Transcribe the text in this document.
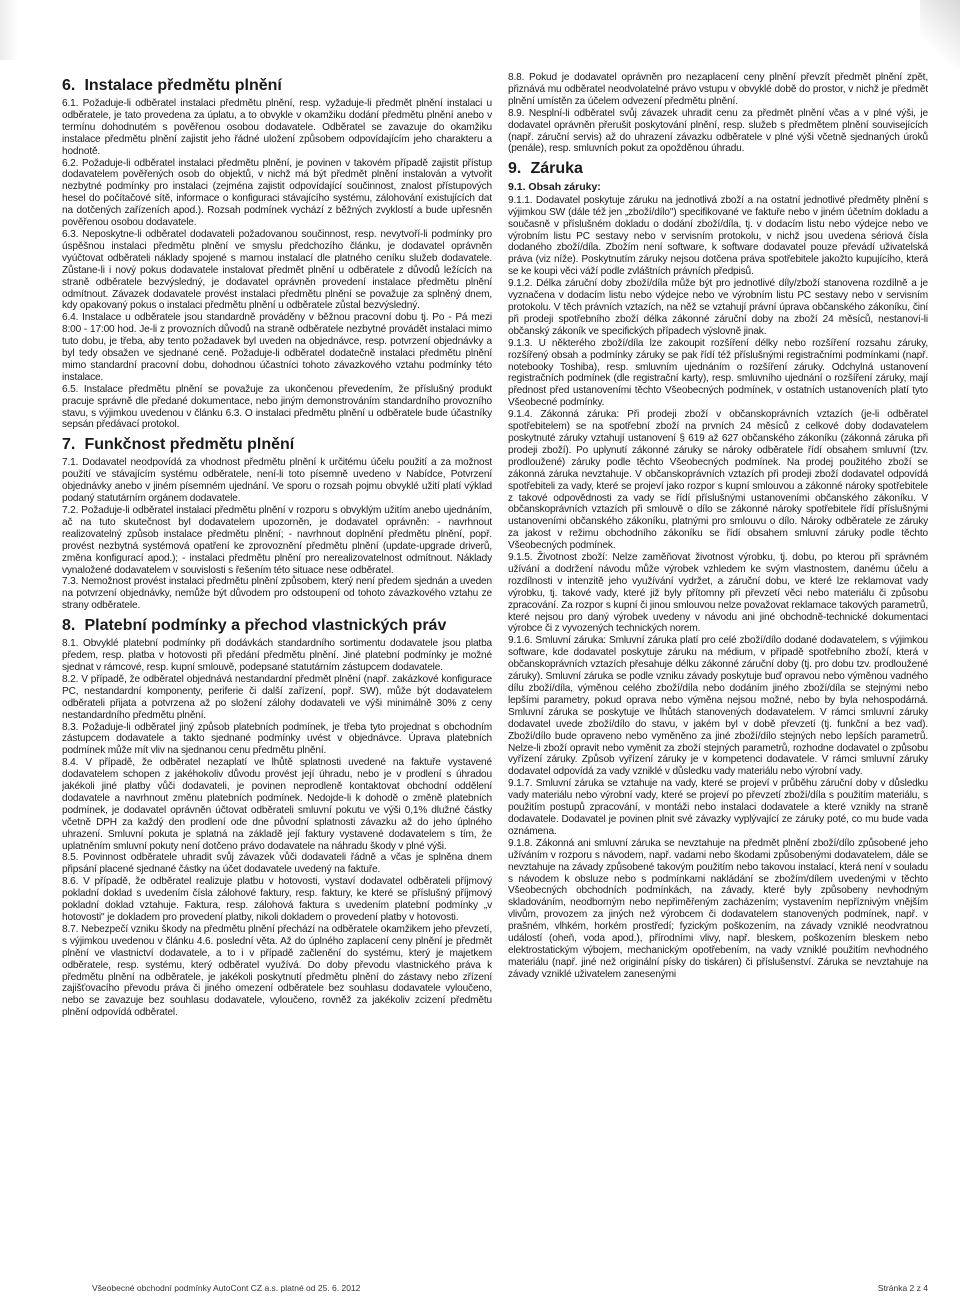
6. Instalace předmětu plnění

6.1. Požaduje-li odběratel instalaci předmětu plnění, resp. vyžaduje-li předmět plnění instalaci u odběratele, je tato provedena za úplatu, a to obvykle v okamžiku dodání předmětu plnění anebo v termínu dohodnutém s pověřenou osobou dodavatele. Odběratel se zavazuje do okamžiku instalace předmětu plnění zajistit jeho řádné uložení způsobem odpovídajícím jeho charakteru a hodnotě.

6.2. Požaduje-li odběratel instalaci předmětu plnění, je povinen v takovém případě zajistit přístup dodavatelem pověřených osob do objektů, v nichž má být předmět plnění instalován a vytvořit nezbytné podmínky pro instalaci (zejména zajistit odpovídající součinnost, znalost přístupových hesel do počítačové sítě, informace o konfiguraci stávajícího systému, zálohování existujících dat na dotčených zařízeních apod.). Rozsah podmínek vychází z běžných zvyklostí a bude upřesněn pověřenou osobou dodavatele.

6.3. Neposkytne-li odběratel dodavateli požadovanou součinnost, resp. nevytvoří-li podmínky pro úspěšnou instalaci předmětu plnění ve smyslu předchozího článku, je dodavatel oprávněn vyúčtovat odběrateli náklady spojené s marnou instalací dle platného ceníku služeb dodavatele. Zůstane-li i nový pokus dodavatele instalovat předmět plnění u odběratele z důvodů ležících na straně odběratele bezvýsledný, je dodavatel oprávněn provedení instalace předmětu plnění odmítnout. Závazek dodavatele provést instalaci předmětu plnění se považuje za splněný dnem, kdy opakovaný pokus o instalaci předmětu plnění u odběratele zůstal bezvýsledný.

6.4. Instalace u odběratele jsou standardně prováděny v běžnou pracovní dobu tj. Po - Pá mezi 8:00 - 17:00 hod. Je-li z provozních důvodů na straně odběratele nezbytné provádět instalaci mimo tuto dobu, je třeba, aby tento požadavek byl uveden na objednávce, resp. potvrzení objednávky a byl tedy obsažen ve sjednané ceně. Požaduje-li odběratel dodatečně instalaci předmětu plnění mimo standardní pracovní dobu, dohodnou účastníci tohoto závazkového vztahu podmínky této instalace.

6.5. Instalace předmětu plnění se považuje za ukončenou převedením, že příslušný produkt pracuje správně dle předané dokumentace, nebo jiným demonstrováním standardního provozního stavu, s výjimkou uvedenou v článku 6.3. O instalaci předmětu plnění u odběratele bude účastníky sepsán předávací protokol.

7. Funkčnost předmětu plnění

7.1. Dodavatel neodpovídá za vhodnost předmětu plnění k určitému účelu použití a za možnost použití ve stávajícím systému odběratele, není-li toto písemně uvedeno v Nabídce, Potvrzení objednávky anebo v jiném písemném ujednání. Ve sporu o rozsah pojmu obvyklé užití platí výklad podaný statutárním orgánem dodavatele.

7.2. Požaduje-li odběratel instalaci předmětu plnění v rozporu s obvyklým užitím anebo ujednáním, ač na tuto skutečnost byl dodavatelem upozorněn, je dodavatel oprávněn: - navrhnout realizovatelný způsob instalace předmětu plnění; - navrhnout doplnění předmětu plnění, popř. provést nezbytná systémová opatření ke zprovoznění předmětu plnění (update-upgrade driverů, změna konfigurací apod.); - instalaci předmětu plnění pro nerealizovatelnost odmítnout. Náklady vynaložené dodavatelem v souvislosti s řešením této situace nese odběratel.

7.3. Nemožnost provést instalaci předmětu plnění způsobem, který není předem sjednán a uveden na potvrzení objednávky, nemůže být důvodem pro odstoupení od tohoto závazkového vztahu ze strany odběratele.

8. Platební podmínky a přechod vlastnických práv

8.1. Obvyklé platební podmínky při dodávkách standardního sortimentu dodavatele jsou platba předem, resp. platba v hotovosti při předání předmětu plnění. Jiné platební podmínky je možné sjednat v rámcové, resp. kupní smlouvě, podepsané statutárním zástupcem dodavatele.

8.2. V případě, že odběratel objednává nestandardní předmět plnění (např. zakázkové konfigurace PC, nestandardní komponenty, periferie či další zařízení, popř. SW), může být dodavatelem odběrateli přijata a potvrzena až po složení zálohy dodavateli ve výši minimálně 30% z ceny nestandardního předmětu plnění.

8.3. Požaduje-li odběratel jiný způsob platebních podmínek, je třeba tyto projednat s obchodním zástupcem dodavatele a takto sjednané podmínky uvést v objednávce. Úprava platebních podmínek může mít vliv na sjednanou cenu předmětu plnění.

8.4. V případě, že odběratel nezaplatí ve lhůtě splatnosti uvedené na faktuře vystavené dodavatelem schopen z jakéhokoliv důvodu provést její úhradu, nebo je v prodlení s úhradou jakékoli jiné platby vůči dodavateli, je povinen neprodleně kontaktovat obchodní oddělení dodavatele a navrhnout změnu platebních podmínek. Nedojde-li k dohodě o změně platebních podmínek, je dodavatel oprávněn účtovat odběrateli smluvní pokutu ve výši 0,1% dlužné částky včetně DPH za každý den prodlení ode dne původní splatnosti závazku až do jeho úplného uhrazení. Smluvní pokuta je splatná na základě její faktury vystavené dodavatelem s tím, že uplatněním smluvní pokuty není dotčeno právo dodavatele na náhradu škody v plné výši.

8.5. Povinnost odběratele uhradit svůj závazek vůči dodavateli řádně a včas je splněna dnem připsání placené sjednané částky na účet dodavatele uvedený na faktuře.

8.6. V případě, že odběratel realizuje platbu v hotovosti, vystaví dodavatel odběrateli příjmový pokladní doklad s uvedením čísla zálohové faktury, resp. faktury, ke které se příslušný příjmový pokladní doklad vztahuje. Faktura, resp. zálohová faktura s uvedením platební podmínky „v hotovosti" je dokladem pro provedení platby, nikoli dokladem o provedení platby v hotovosti.

8.7. Nebezpečí vzniku škody na předmětu plnění přechází na odběratele okamžikem jeho převzetí, s výjimkou uvedenou v článku 4.6. poslední věta. Až do úplného zaplacení ceny plnění je předmět plnění ve vlastnictví dodavatele, a to i v případě začlenění do systému, který je majetkem odběratele, resp. systému, který odběratel využívá. Do doby převodu vlastnického práva k předmětu plnění na odběratele, je jakékoli poskytnutí předmětu plnění do zástavy nebo zřízení zajišťovacího převodu práva či jiného omezení odběratele bez souhlasu dodavatele vyloučeno, nebo se zavazuje bez souhlasu dodavatele, vyloučeno, rovněž za jakékoliv zcizení předmětu plnění odpovídá odběratel.

8.8. Pokud je dodavatel oprávněn pro nezaplacení ceny plnění převzít předmět plnění zpět, přiznává mu odběratel neodvolatelné právo vstupu v obvyklé době do prostor, v nichž je předmět plnění umístěn za účelem odvezení předmětu plnění.

8.9. Nesplní-li odběratel svůj závazek uhradit cenu za předmět plnění včas a v plné výši, je dodavatel oprávněn přerušit poskytování plnění, resp. služeb s předmětem plnění souvisejících (např. záruční servis) až do uhrazení závazku odběratele v plné výši včetně sjednaných úroků (penále), resp. smluvních pokut za opožděnou úhradu.

9. Záruka
9.1. Obsah záruky:

9.1.1. Dodavatel poskytuje záruku na jednotlivá zboží a na ostatní jednotlivé předměty plnění s výjimkou SW (dále též jen „zboží/dílo") specifikované ve faktuře nebo v jiném účetním dokladu a současně v příslušném dokladu o dodání zboží/díla, tj. v dodacím listu nebo výdejce nebo ve výrobním listu PC sestavy nebo v servisním protokolu, v nichž jsou uvedena sériová čísla dodaného zboží/díla. Zbožím není software, k software dodavatel pouze převádí uživatelská práva (viz níže). Poskytnutím záruky nejsou dotčena práva spotřebitele jakožto kupujícího, která se ke koupi věci váží podle zvláštních právních předpisů.

9.1.2. Délka záruční doby zboží/díla může být pro jednotlivé díly/zboží stanovena rozdílně a je vyznačena v dodacím listu nebo výdejce nebo ve výrobním listu PC sestavy nebo v servisním protokolu. V těch právních vztazích, na něž se vztahují právní úprava občanského zákoníku, činí při prodeji spotřebního zboží délka zákonné záruční doby na zboží 24 měsíců, nestanoví-li občanský zákoník ve specifických případech výslovně jinak.

9.1.3. U některého zboží/díla lze zakoupit rozšíření délky nebo rozšíření rozsahu záruky, rozšířený obsah a podmínky záruky se pak řídí též příslušnými registračními podmínkami (např. notebooky Toshiba), resp. smluvním ujednáním o rozšíření záruky. Odchylná ustanovení registračních podmínek (dle registrační karty), resp. smluvního ujednání o rozšíření záruky, mají přednost před ustanoveními těchto Všeobecných podmínek, v ostatních ustanoveních platí tyto Všeobecné podmínky.

9.1.4. Zákonná záruka: Při prodeji zboží v občanskoprávních vztazích (je-li odběratel spotřebitelem) se na spotřební zboží na prvních 24 měsíců z celkové doby dodavatelem poskytnuté záruky vztahují ustanovení § 619 až 627 občanského zákoníku (zákonná záruka při prodeji zboží). Po uplynutí zákonné záruky se nároky odběratele řídí obsahem smluvní (tzv. prodloužené) záruky podle těchto Všeobecných podmínek. Na prodej použitého zboží se zákonná záruka nevztahuje. V občanskoprávních vztazích při prodeji zboží dodavatel odpovídá spotřebiteli za vady, které se projeví jako rozpor s kupní smlouvou a zákonné nároky spotřebitele z takové odpovědnosti za vady se řídí příslušnými ustanoveními občanského zákoníku. V občanskoprávních vztazích při smlouvě o dílo se zákonné nároky spotřebitele řídí příslušnými ustanoveními občanského zákoníku, platnými pro smlouvu o dílo. Nároky odběratele ze záruky za jakost v režimu obchodního zákoníku se řídí obsahem smluvní záruky podle těchto Všeobecných podmínek.

9.1.5. Životnost zboží: Nelze zaměňovat životnost výrobku, tj. dobu, po kterou při správném užívání a dodržení návodu může výrobek vzhledem ke svým vlastnostem, danému účelu a rozdílnosti v intenzitě jeho využívání vydržet, a záruční dobu, ve které lze reklamovat vady výrobku, tj. takové vady, které již byly přítomny při převzetí věci nebo materiálu či způsobu zpracování. Za rozpor s kupní či jinou smlouvou nelze považovat reklamace takových parametrů, které nejsou pro daný výrobek uvedeny v návodu ani jiné obchodně-technické dokumentaci výrobce či z vyvozených technických norem.

9.1.6. Smluvní záruka: Smluvní záruka platí pro celé zboží/dílo dodané dodavatelem, s výjimkou software, kde dodavatel poskytuje záruku na médium, v případě spotřebního zboží, která v občanskoprávních vztazích přesahuje délku zákonné záruční doby (tj. pro dobu tzv. prodloužené záruky). Smluvní záruka se podle vzniku závady poskytuje buď opravou nebo výměnou vadného dílu zboží/díla, výměnou celého zboží/díla nebo dodáním jiného zboží/díla se stejnými nebo lepšími parametry, pokud oprava nebo výměna nejsou možné, nebo by byla nehospodárná. Smluvní záruka se poskytuje ve lhůtách stanovených dodavatelem. V rámci smluvní záruky dodavatel uvede zboží/dílo do stavu, v jakém byl v době převzetí (tj. funkční a bez vad). Zboží/dílo bude opraveno nebo vyměněno za jiné zboží/dílo stejných nebo lepších parametrů. Nelze-li zboží opravit nebo vyměnit za zboží stejných parametrů, rozhodne dodavatel o způsobu vyřízení záruky. Způsob vyřízení záruky je v kompetenci dodavatele. V rámci smluvní záruky dodavatel odpovídá za vady vzniklé v důsledku vady materiálu nebo výrobní vady.

9.1.7. Smluvní záruka se vztahuje na vady, které se projeví v průběhu záruční doby v důsledku vady materiálu nebo výrobní vady, které se projeví po převzetí zboží/díla s použitím materiálu, s použitím postupů zpracování, v montáži nebo instalaci dodavatele a které vznikly na straně dodavatele. Dodavatel je povinen plnit své závazky vyplývající ze záruky poté, co mu bude vada oznámena.

9.1.8. Zákonná ani smluvní záruka se nevztahuje na předmět plnění zboží/dílo způsobené jeho užíváním v rozporu s návodem, např. vadami nebo škodami způsobenými dodavatelem, dále se nevztahuje na závady způsobené takovým použitím nebo takovou instalací, která není v souladu s návodem k obsluze nebo s podmínkami nakládání se zbožím/dílem uvedenými v těchto Všeobecných obchodních podmínkách, na závady, které byly způsobeny nevhodným skladováním, neodborným nebo nepřiměřeným zacházením; vystavením nepříznivým vnějším vlivům, provozem za jiných než výrobcem či dodavatelem stanovených podmínek, např. v prašném, vlhkém, horkém prostředí; fyzickým poškozením, na závady vzniklé neodvratnou událostí (oheň, voda apod.), přírodními vlivy, např. bleskem, poškozením bleskem nebo elektrostatickým výbojem, mechanickým opotřebením, na vady vzniklé použitím nevhodného materiálu (např. jiné než originální písky do tiskáren) či příslušenství. Záruka se nevztahuje na závady vzniklé uživatelem zanesenými

Všeobecné obchodní podmínky AutoCont CZ a.s. platné od 25. 6. 2012	Stránka 2 z 4
